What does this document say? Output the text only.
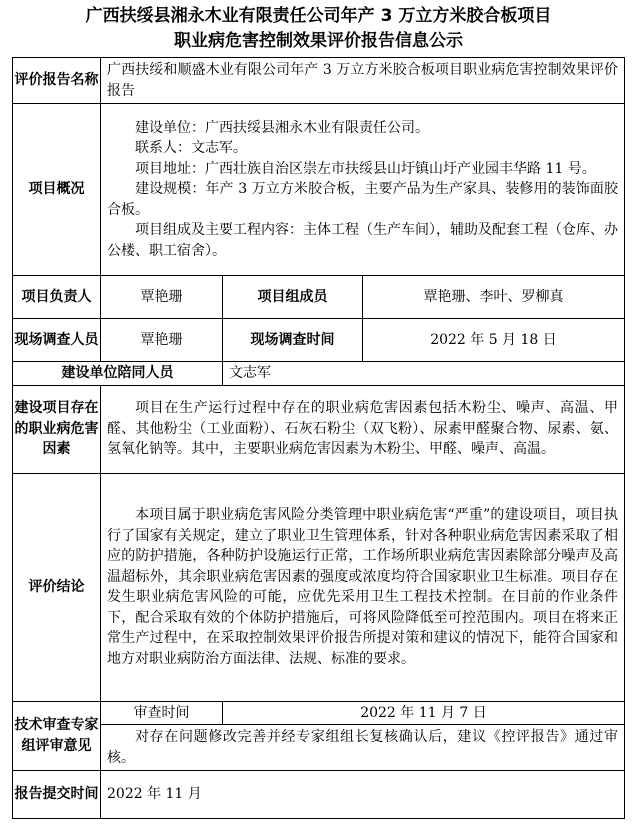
广西扶绥县湘永木业有限责任公司年产 3 万立方米胶合板项目
职业病危害控制效果评价报告信息公示
评价报告名称	广西扶绥和顺盛木业有限公司年产 3 万立方米胶合板项目职业病危害控制效果评价报告		
项目概况	建设单位：广西扶绥县湘永木业有限责任公司。

联系人：文志军。

项目地址：广西壮族自治区崇左市扶绥县山圩镇山圩产业园丰华路 11 号。

建设规模：年产 3 万立方米胶合板，主要产品为生产家具、装修用的装饰面胶合板。

项目组成及主要工程内容：主体工程（生产车间），辅助及配套工程（仓库、办公楼、职工宿舍）。		

项目负责人	覃艳珊	项目组成员	覃艳珊、李叶、罗柳真
现场调查人员	覃艳珊	现场调查时间	2022 年 5 月 18 日
建设单位陪同人员		文志军	
建设项目存在的职业病危害因素	项目在生产运行过程中存在的职业病危害因素包括木粉尘、噪声、高温、甲醛、其他粉尘（工业面粉）、石灰石粉尘（双飞粉）、尿素甲醛聚合物、尿素、氨、氢氧化钠等。其中，主要职业病危害因素为木粉尘、甲醛、噪声、高温。		

评价结论	本项目属于职业病危害风险分类管理中职业病危害“严重”的建设项目，项目执行了国家有关规定，建立了职业卫生管理体系，针对各种职业病危害因素采取了相应的防护措施，各种防护设施运行正常，工作场所职业病危害因素除部分噪声及高温超标外，其余职业病危害因素的强度或浓度均符合国家职业卫生标准。项目存在发生职业病危害风险的可能，应优先采用卫生工程技术控制。在目前的作业条件下，配合采取有效的个体防护措施后，可将风险降低至可控范围内。项目在将来正常生产过程中，在采取控制效果评价报告所提对策和建议的情况下，能符合国家和地方对职业病防治方面法律、法规、标准的要求。		

技术审查专家组评审意见	审查时间	2022 年 11 月 7 日	

	对存在问题修改完善并经专家组组长复核确认后，建议《控评报告》通过审核。		

报告提交时间	2022 年 11 月		
